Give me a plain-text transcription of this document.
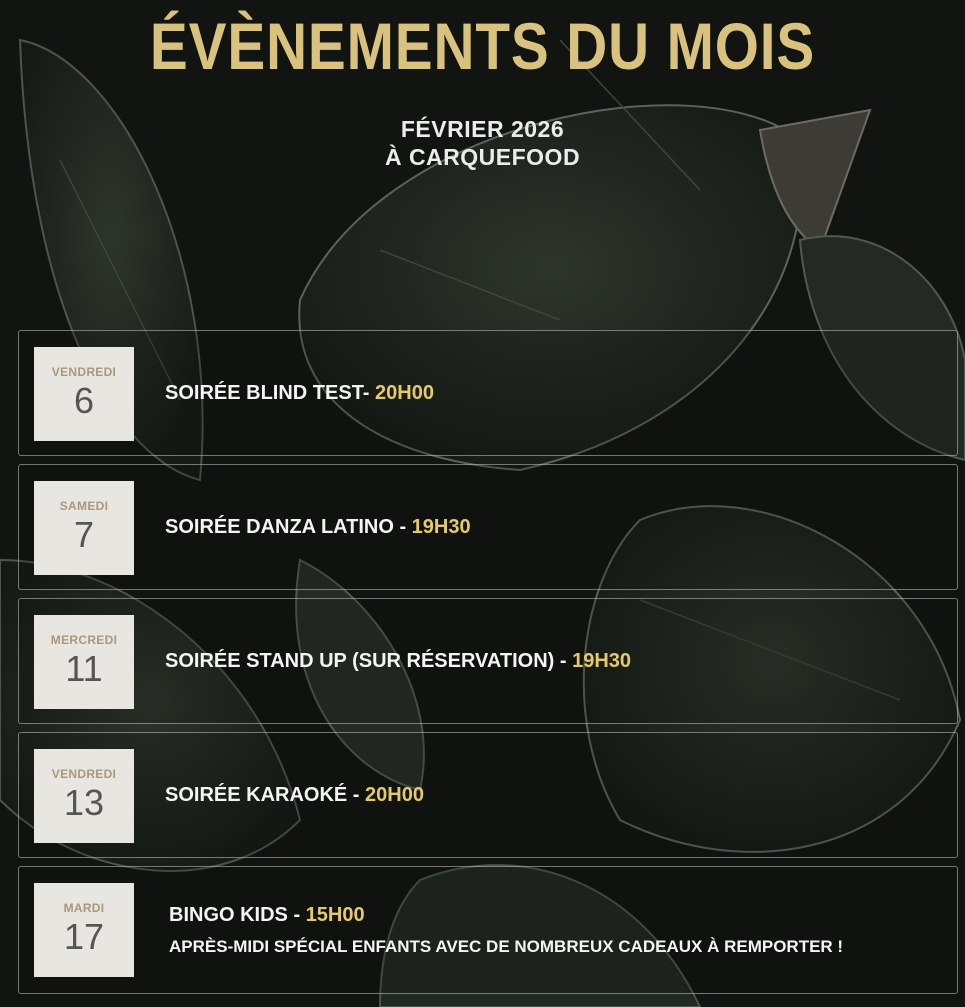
ÉVÈNEMENTS DU MOIS
FÉVRIER 2026
À CARQUEFOOD
VENDREDI
6	SOIRÉE BLIND TEST- 20H00
SAMEDI
7	SOIRÉE DANZA LATINO - 19H30
MERCREDI
11	SOIRÉE STAND UP (SUR RÉSERVATION) - 19H30
VENDREDI
13	SOIRÉE KARAOKÉ - 20H00
MARDI
17
BINGO KIDS - 15H00
APRÈS-MIDI SPÉCIAL ENFANTS AVEC DE NOMBREUX CADEAUX À REMPORTER !
